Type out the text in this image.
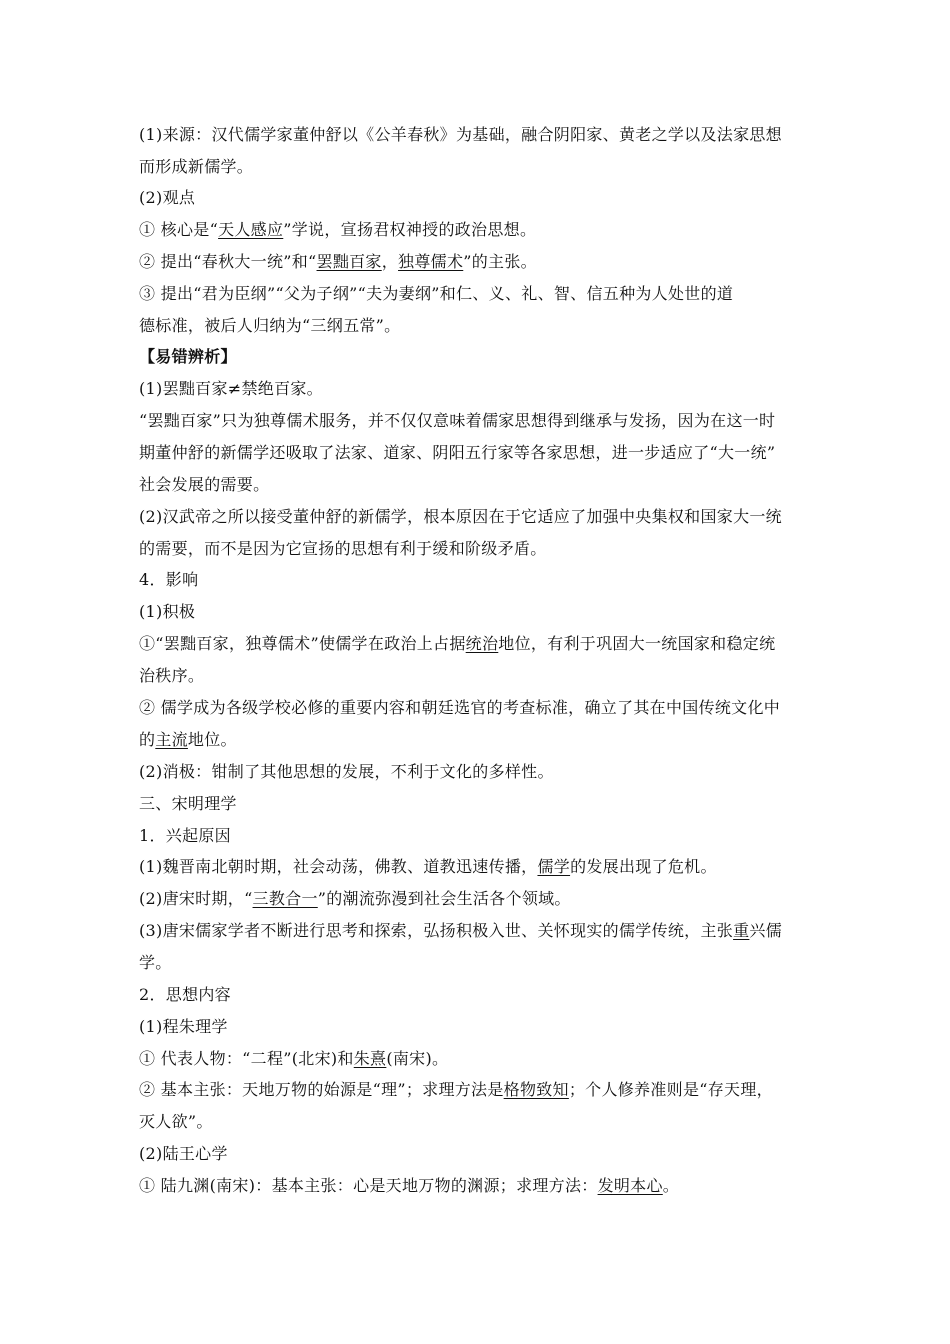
(1)来源：汉代儒学家董仲舒以《公羊春秋》为基础，融合阴阳家、黄老之学以及法家思想
而形成新儒学。
(2)观点
① 核心是“天人感应”学说，宣扬君权神授的政治思想。
② 提出“春秋大一统”和“罢黜百家，独尊儒术”的主张。
③ 提出“君为臣纲”“父为子纲”“夫为妻纲”和仁、义、礼、智、信五种为人处世的道
德标准，被后人归纳为“三纲五常”。
【易错辨析】
(1)罢黜百家≠禁绝百家。
“罢黜百家”只为独尊儒术服务，并不仅仅意味着儒家思想得到继承与发扬，因为在这一时
期董仲舒的新儒学还吸取了法家、道家、阴阳五行家等各家思想，进一步适应了“大一统”
社会发展的需要。
(2)汉武帝之所以接受董仲舒的新儒学，根本原因在于它适应了加强中央集权和国家大一统
的需要，而不是因为它宣扬的思想有利于缓和阶级矛盾。
4．影响
(1)积极
①“罢黜百家，独尊儒术”使儒学在政治上占据统治地位，有利于巩固大一统国家和稳定统
治秩序。
② 儒学成为各级学校必修的重要内容和朝廷选官的考查标准，确立了其在中国传统文化中
的主流地位。
(2)消极：钳制了其他思想的发展，不利于文化的多样性。
三、宋明理学
1．兴起原因
(1)魏晋南北朝时期，社会动荡，佛教、道教迅速传播，儒学的发展出现了危机。
(2)唐宋时期，“三教合一”的潮流弥漫到社会生活各个领域。
(3)唐宋儒家学者不断进行思考和探索，弘扬积极入世、关怀现实的儒学传统，主张重兴儒
学。
2．思想内容
(1)程朱理学
① 代表人物：“二程”(北宋)和朱熹(南宋)。
② 基本主张：天地万物的始源是“理”；求理方法是格物致知；个人修养准则是“存天理，
灭人欲”。
(2)陆王心学
① 陆九渊(南宋)：基本主张：心是天地万物的渊源；求理方法：发明本心。
